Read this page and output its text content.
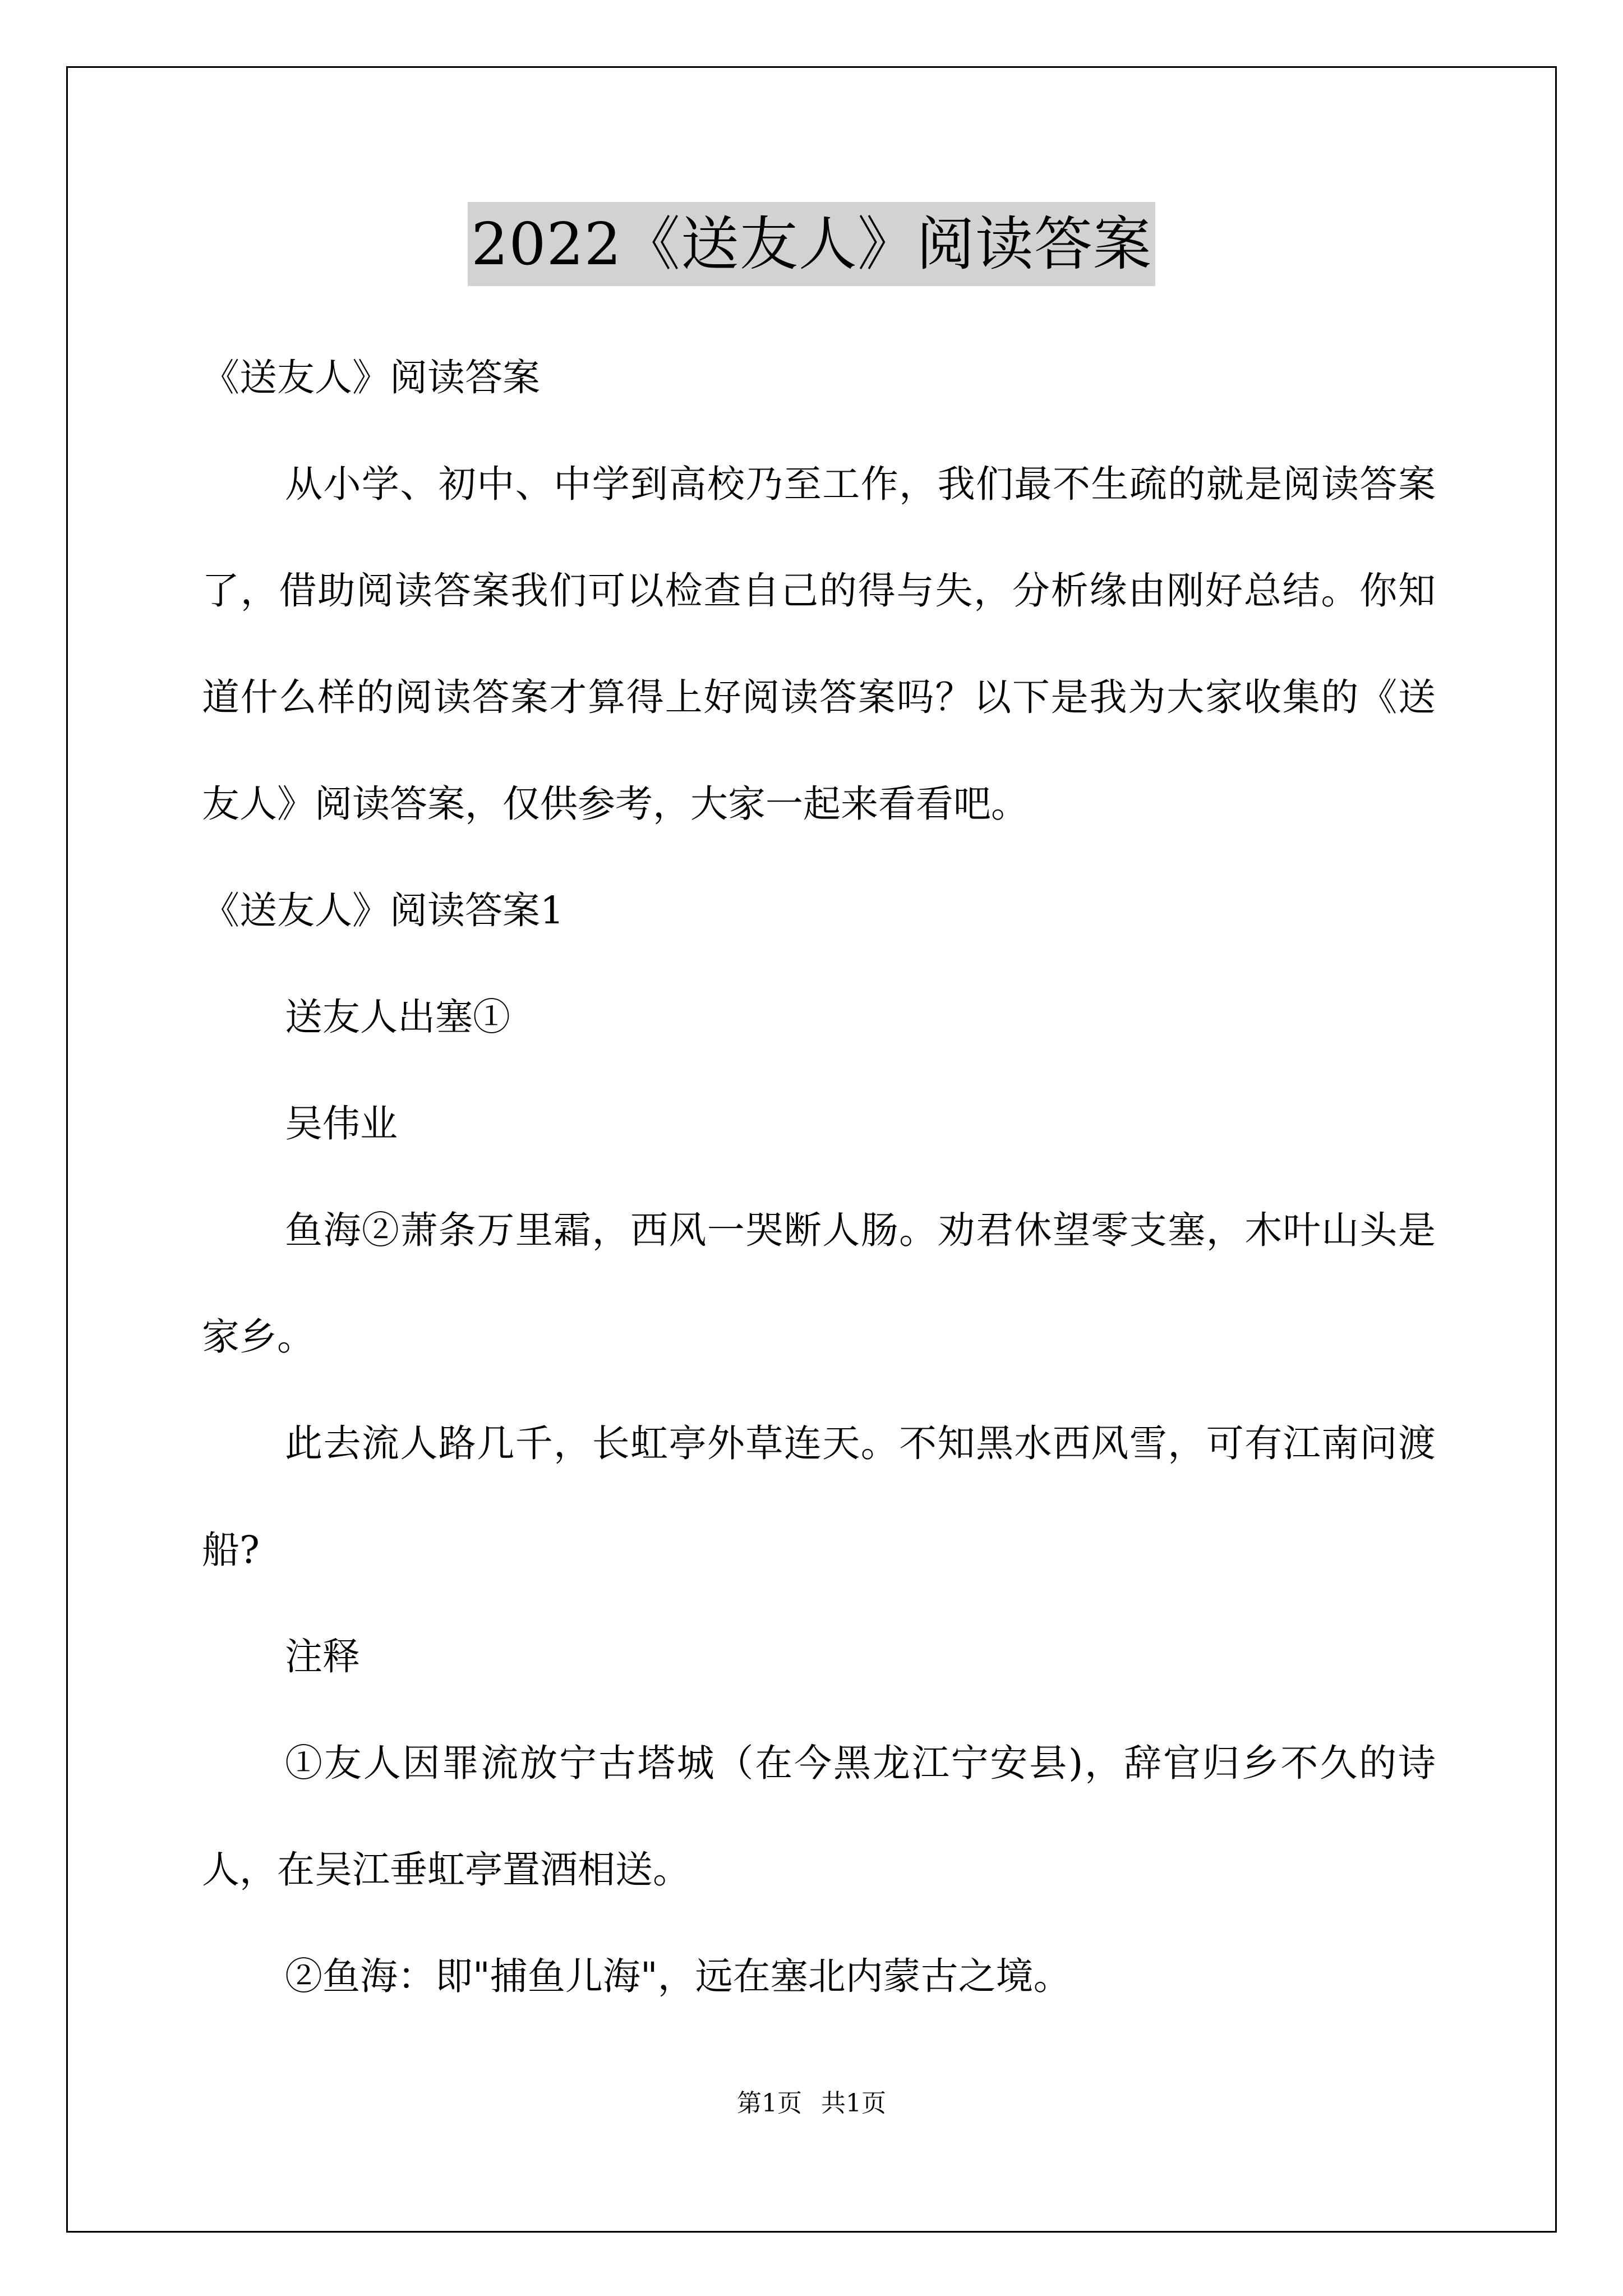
2022《送友人》阅读答案
《送友人》阅读答案
从小学、初中、中学到高校乃至工作，我们最不生疏的就是阅读答案了，借助阅读答案我们可以检查自己的得与失，分析缘由刚好总结。你知道什么样的阅读答案才算得上好阅读答案吗？以下是我为大家收集的《送友人》阅读答案，仅供参考，大家一起来看看吧。
《送友人》阅读答案1
送友人出塞①
吴伟业
鱼海②萧条万里霜，西风一哭断人肠。劝君休望零支塞，木叶山头是家乡。
此去流人路几千，长虹亭外草连天。不知黑水西风雪，可有江南问渡船?
注释
①友人因罪流放宁古塔城（在今黑龙江宁安县)，辞官归乡不久的诗人，在吴江垂虹亭置酒相送。
②鱼海：即"捕鱼儿海"，远在塞北内蒙古之境。
第1页 共1页
